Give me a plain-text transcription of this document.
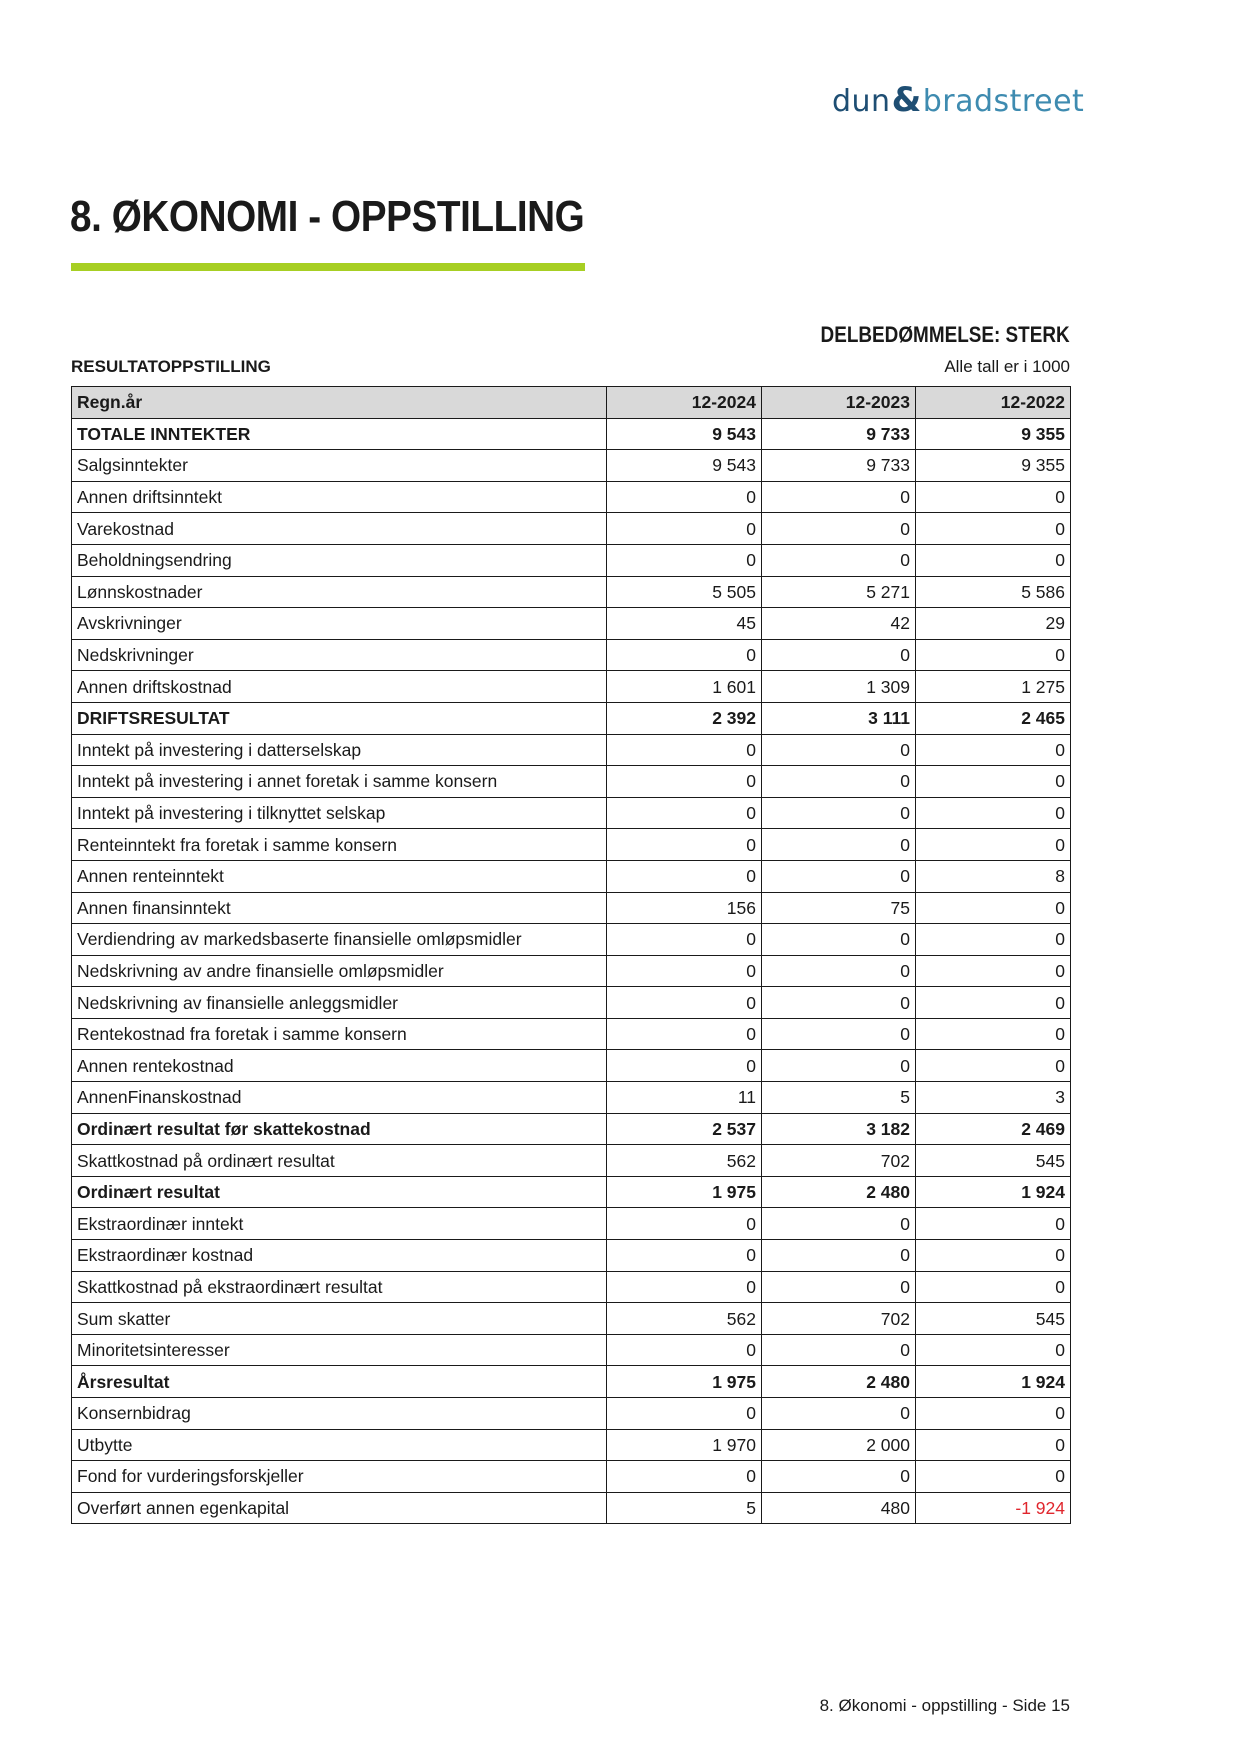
dun&bradstreet
8. ØKONOMI - OPPSTILLING
DELBEDØMMELSE: STERK
RESULTATOPPSTILLING	Alle tall er i 1000
Regn.år	12-2024	12-2023	12-2022
TOTALE INNTEKTER	9 543	9 733	9 355
Salgsinntekter	9 543	9 733	9 355
Annen driftsinntekt	0	0	0
Varekostnad	0	0	0
Beholdningsendring	0	0	0
Lønnskostnader	5 505	5 271	5 586
Avskrivninger	45	42	29
Nedskrivninger	0	0	0
Annen driftskostnad	1 601	1 309	1 275
DRIFTSRESULTAT	2 392	3 111	2 465
Inntekt på investering i datterselskap	0	0	0
Inntekt på investering i annet foretak i samme konsern	0	0	0
Inntekt på investering i tilknyttet selskap	0	0	0
Renteinntekt fra foretak i samme konsern	0	0	0
Annen renteinntekt	0	0	8
Annen finansinntekt	156	75	0
Verdiendring av markedsbaserte finansielle omløpsmidler	0	0	0
Nedskrivning av andre finansielle omløpsmidler	0	0	0
Nedskrivning av finansielle anleggsmidler	0	0	0
Rentekostnad fra foretak i samme konsern	0	0	0
Annen rentekostnad	0	0	0
AnnenFinanskostnad	11	5	3
Ordinært resultat før skattekostnad	2 537	3 182	2 469
Skattkostnad på ordinært resultat	562	702	545
Ordinært resultat	1 975	2 480	1 924
Ekstraordinær inntekt	0	0	0
Ekstraordinær kostnad	0	0	0
Skattkostnad på ekstraordinært resultat	0	0	0
Sum skatter	562	702	545
Minoritetsinteresser	0	0	0
Årsresultat	1 975	2 480	1 924
Konsernbidrag	0	0	0
Utbytte	1 970	2 000	0
Fond for vurderingsforskjeller	0	0	0
Overført annen egenkapital	5	480	-1 924
8. Økonomi - oppstilling - Side 15
